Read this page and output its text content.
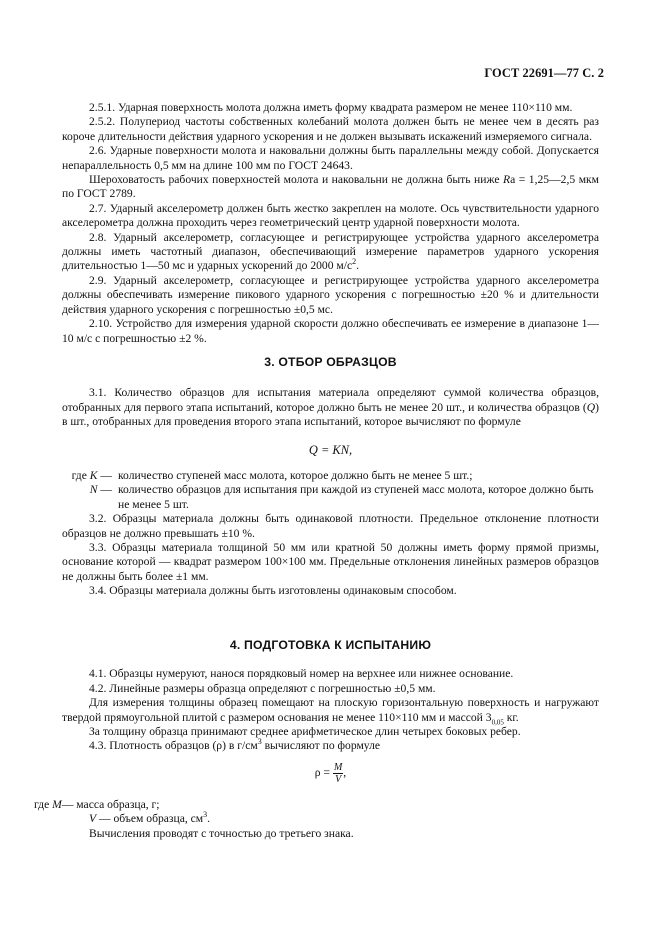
ГОСТ 22691—77 С. 2

2.5.1. Ударная поверхность молота должна иметь форму квадрата размером не менее 110×110 мм.

2.5.2. Полупериод частоты собственных колебаний молота должен быть не менее чем в десять раз короче длительности действия ударного ускорения и не должен вызывать искажений измеряемого сигнала.

2.6. Ударные поверхности молота и наковальни должны быть параллельны между собой. Допускается непараллельность 0,5 мм на длине 100 мм по ГОСТ 24643.

Шероховатость рабочих поверхностей молота и наковальни не должна быть ниже Ra = 1,25—2,5 мкм по ГОСТ 2789.

2.7. Ударный акселерометр должен быть жестко закреплен на молоте. Ось чувствительности ударного акселерометра должна проходить через геометрический центр ударной поверхности молота.

2.8. Ударный акселерометр, согласующее и регистрирующее устройства ударного акселерометра должны иметь частотный диапазон, обеспечивающий измерение параметров ударного ускорения длительностью 1—50 мс и ударных ускорений до 2000 $м/с^2$.

2.9. Ударный акселерометр, согласующее и регистрирующее устройства ударного акселерометра должны обеспечивать измерение пикового ударного ускорения с погрешностью ±20 % и длительности действия ударного ускорения с погрешностью ±0,5 мс.

2.10. Устройство для измерения ударной скорости должно обеспечивать ее измерение в диапазоне 1—10 м/с с погрешностью ±2 %.

3. ОТБОР ОБРАЗЦОВ

3.1. Количество образцов для испытания материала определяют суммой количества образцов, отобранных для первого этапа испытаний, которое должно быть не менее 20 шт., и количества образцов (Q) в шт., отобранных для проведения второго этапа испытаний, которое вычисляют по формуле

Q = KN,
где K — количество ступеней масс молота, которое должно быть не менее 5 шт.;
N — количество образцов для испытания при каждой из ступеней масс молота, которое должно быть не менее 5 шт.

3.2. Образцы материала должны быть одинаковой плотности. Предельное отклонение плотности образцов не должно превышать ±10 %.

3.3. Образцы материала толщиной 50 мм или кратной 50 должны иметь форму прямой призмы, основание которой — квадрат размером 100×100 мм. Предельные отклонения линейных размеров образцов не должны быть более ±1 мм.

3.4. Образцы материала должны быть изготовлены одинаковым способом.

4. ПОДГОТОВКА К ИСПЫТАНИЮ

4.1. Образцы нумеруют, нанося порядковый номер на верхнее или нижнее основание.

4.2. Линейные размеры образца определяют с погрешностью ±0,5 мм.

Для измерения толщины образец помещают на плоскую горизонтальную поверхность и нагружают твердой прямоугольной плитой с размером основания не менее 110×110 мм и массой $3_{0,05}$ кг.

За толщину образца принимают среднее арифметическое длин четырех боковых ребер.

4.3. Плотность образцов (ρ) в $г/см^3$ вычисляют по формуле

$\rho = \frac{M}{V}$ ,
где M— масса образца, г;
V — объем образца, $см^3$.

Вычисления проводят с точностью до третьего знака.
